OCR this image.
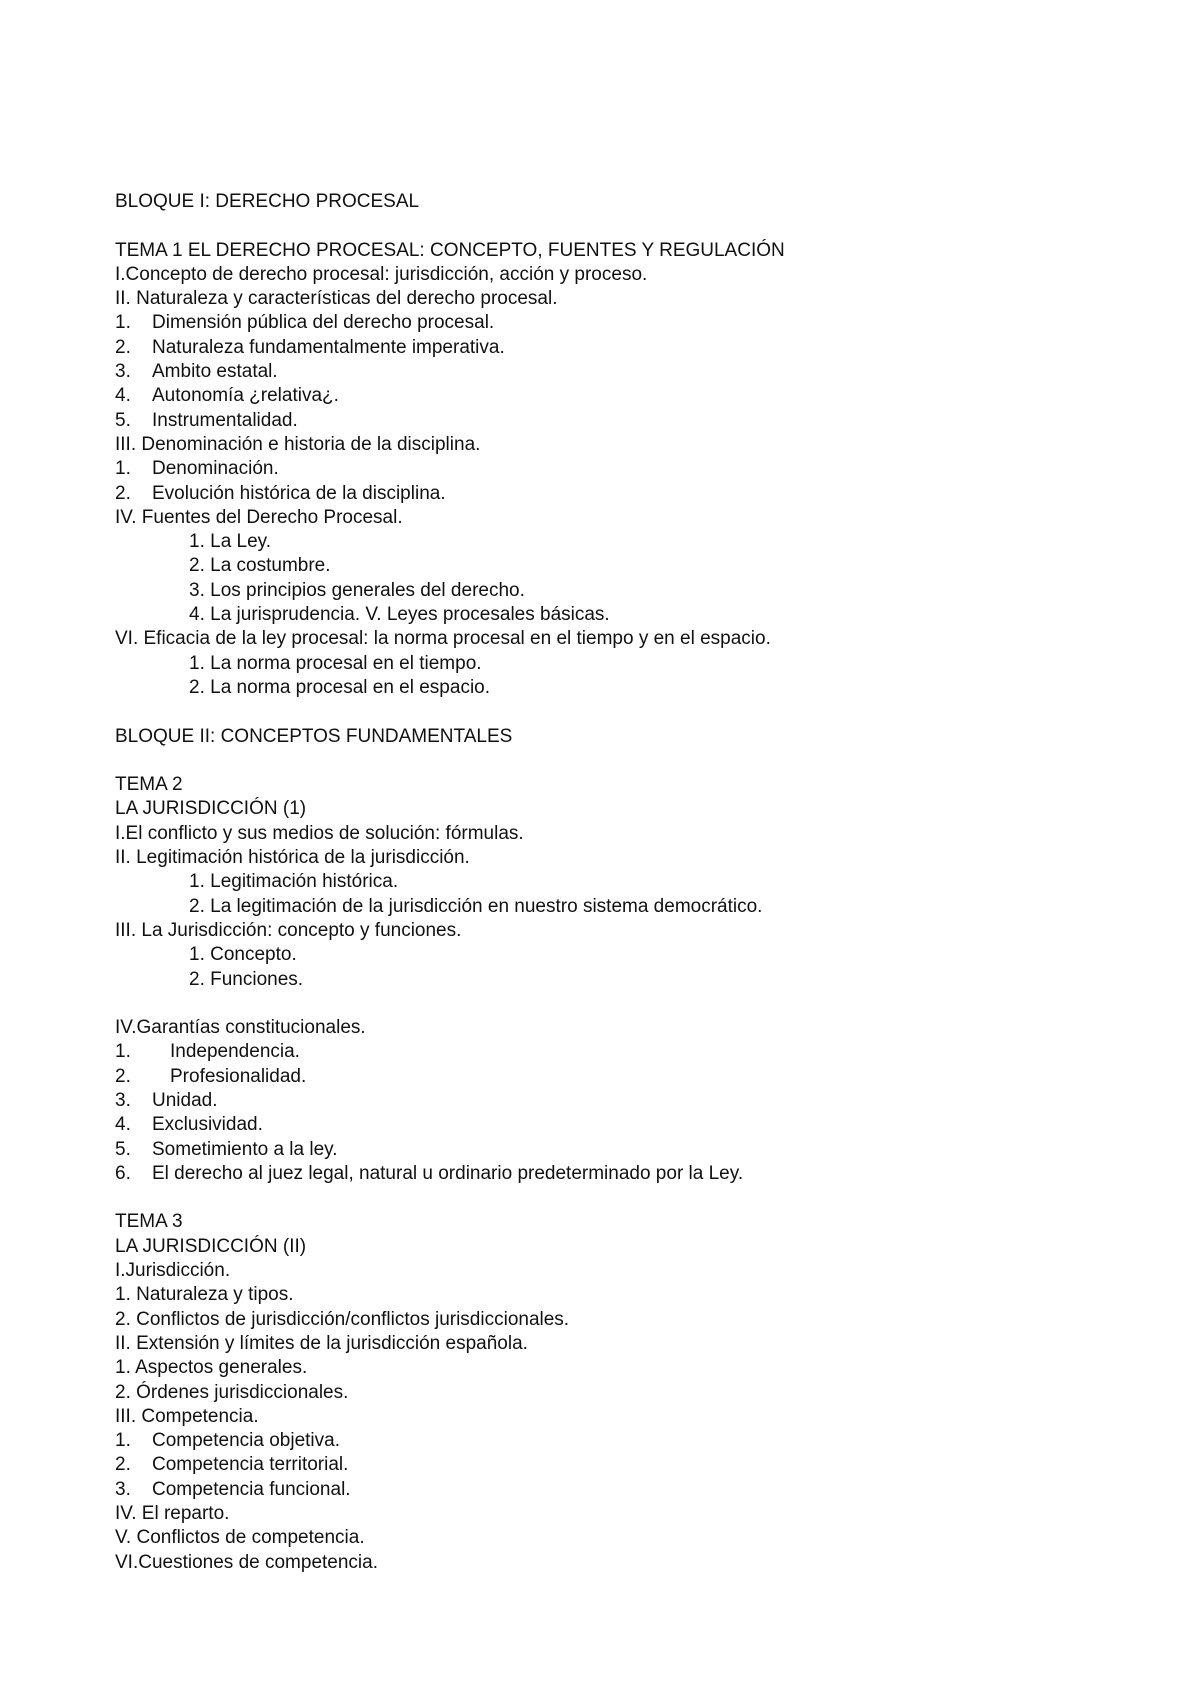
BLOQUE I: DERECHO PROCESAL
TEMA 1 EL DERECHO PROCESAL: CONCEPTO, FUENTES Y REGULACIÓN
I.Concepto de derecho procesal: jurisdicción, acción y proceso.
II. Naturaleza y características del derecho procesal.
1. Dimensión pública del derecho procesal.
2. Naturaleza fundamentalmente imperativa.
3. Ambito estatal.
4. Autonomía ¿relativa¿.
5. Instrumentalidad.
III. Denominación e historia de la disciplina.
1. Denominación.
2. Evolución histórica de la disciplina.
IV. Fuentes del Derecho Procesal.
1. La Ley.
2. La costumbre.
3. Los principios generales del derecho.
4. La jurisprudencia. V. Leyes procesales básicas.
VI. Eficacia de la ley procesal: la norma procesal en el tiempo y en el espacio.
1. La norma procesal en el tiempo.
2. La norma procesal en el espacio.
BLOQUE II: CONCEPTOS FUNDAMENTALES
TEMA 2
LA JURISDICCIÓN (1)
I.El conflicto y sus medios de solución: fórmulas.
II. Legitimación histórica de la jurisdicción.
1. Legitimación histórica.
2. La legitimación de la jurisdicción en nuestro sistema democrático.
III. La Jurisdicción: concepto y funciones.
1. Concepto.
2. Funciones.
IV.Garantías constitucionales.
1. Independencia.
2. Profesionalidad.
3. Unidad.
4. Exclusividad.
5. Sometimiento a la ley.
6. El derecho al juez legal, natural u ordinario predeterminado por la Ley.
TEMA 3
LA JURISDICCIÓN (II)
I.Jurisdicción.
1. Naturaleza y tipos.
2. Conflictos de jurisdicción/conflictos jurisdiccionales.
II. Extensión y límites de la jurisdicción española.
1. Aspectos generales.
2. Órdenes jurisdiccionales.
III. Competencia.
1. Competencia objetiva.
2. Competencia territorial.
3. Competencia funcional.
IV. El reparto.
V. Conflictos de competencia.
VI.Cuestiones de competencia.
